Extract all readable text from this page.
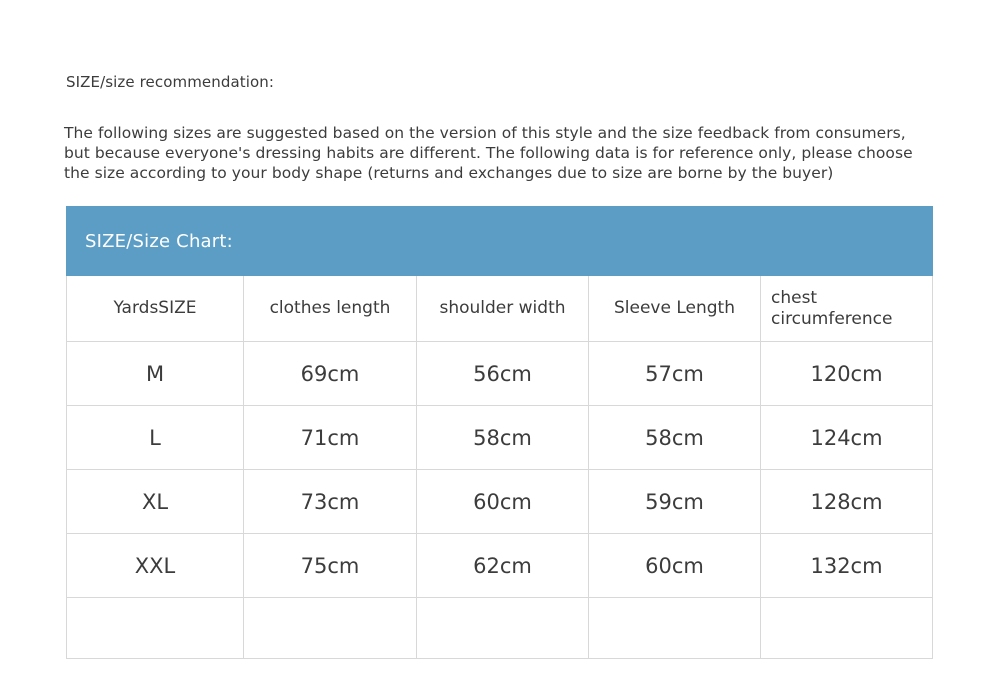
SIZE/size recommendation:
The following sizes are suggested based on the version of this style and the size feedback from consumers,
but because everyone's dressing habits are different. The following data is for reference only, please choose
the size according to your body shape (returns and exchanges due to size are borne by the buyer)
SIZE/Size Chart:				
YardsSIZE	clothes length	shoulder width	Sleeve Length	chest circumference
M	69cm	56cm	57cm	120cm
L	71cm	58cm	58cm	124cm
XL	73cm	60cm	59cm	128cm
XXL	75cm	62cm	60cm	132cm
